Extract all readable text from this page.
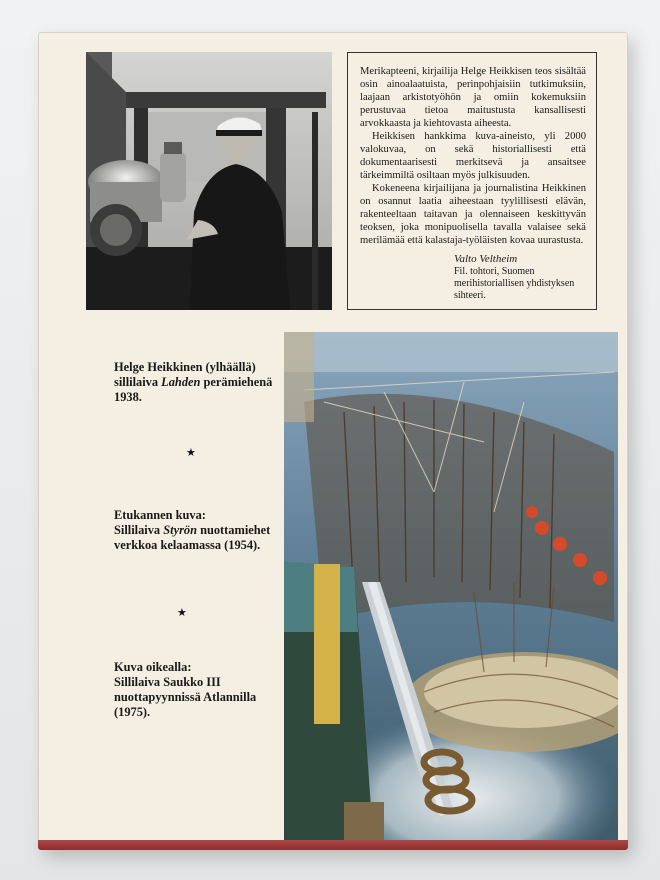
Merikapteeni, kirjailija Helge Heikkisen teos sisältää osin ainoalaatuista, perinpohjaisiin tutkimuksiin, laajaan arkistotyöhön ja omiin kokemuksiin perustuvaa tietoa maitustusta kansallisesti arvokkaasta ja kiehtovasta aiheesta.

Heikkisen hankkima kuva-aineisto, yli 2000 valokuvaa, on sekä historiallisesti että dokumentaarisesti merkitsevä ja ansaitsee tärkeimmiltä osiltaan myös julkisuuden.

Kokeneena kirjailijana ja journalistina Heikkinen on osannut laatia aiheestaan tyylillisesti elävän, rakenteeltaan taitavan ja olennaiseen keskittyvän teoksen, joka monipuolisella tavalla valaisee sekä merilämää että kalastaja-työläisten kovaa uurastusta.

Valto Veltheim

Fil. tohtori, Suomen merihistoriallisen yhdistyksen sihteeri.

Helge Heikkinen (ylhäällä) sillilaiva Lahden perämiehenä 1938.
★
Etukannen kuva:
Sillilaiva Styrön nuottamiehet verkkoa kelaamassa (1954).
★
Kuva oikealla:
Sillilaiva Saukko III nuottapyynnissä Atlannilla (1975).
